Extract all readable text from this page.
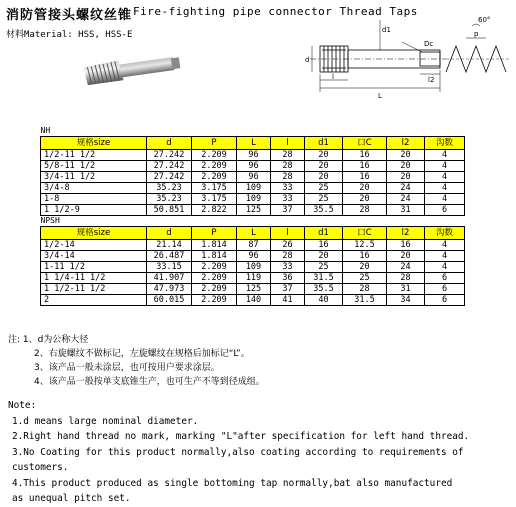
消防管接头螺纹丝锥 Fire-fighting pipe connector Thread Taps
材料Material: HSS, HSS-E
60°
p
Dc
d
d1
l
L
l2
NH								
规格size	d	P	L	l	d1	口C	l2	沟数
1/2-11 1/2	27.242	2.209	96	28	20	16	20	4
5/8-11 1/2	27.242	2.209	96	28	20	16	20	4
3/4-11 1/2	27.242	2.209	96	28	20	16	20	4
3/4-8	35.23	3.175	109	33	25	20	24	4
1-8	35.23	3.175	109	33	25	20	24	4
1 1/2-9	50.851	2.822	125	37	35.5	28	31	6
NPSH								
规格size	d	P	L	l	d1	口C	l2	沟数
1/2-14	21.14	1.814	87	26	16	12.5	16	4
3/4-14	26.487	1.814	96	28	20	16	20	4
1-11 1/2	33.15	2.209	109	33	25	20	24	4
1 1/4-11 1/2	41.907	2.209	119	36	31.5	25	28	6
1 1/2-11 1/2	47.973	2.209	125	37	35.5	28	31	6
2	60.015	2.209	140	41	40	31.5	34	6
注: 1、d为公称大径
2、右旋螺纹不做标记，左旋螺纹在规格后加标记“L”。
3、该产品一般未涂层，也可按用户要求涂层。
4、该产品一般按单支底锥生产，也可生产不等到径成组。
Note:
1.d means large nominal diameter.
2.Right hand thread no mark, marking "L"after specification for left hand thread.
3.No Coating for this product normally,also coating according to requirements of
customers.
4.This product produced as single bottoming tap normally,bat also manufactured
as unequal pitch set.
